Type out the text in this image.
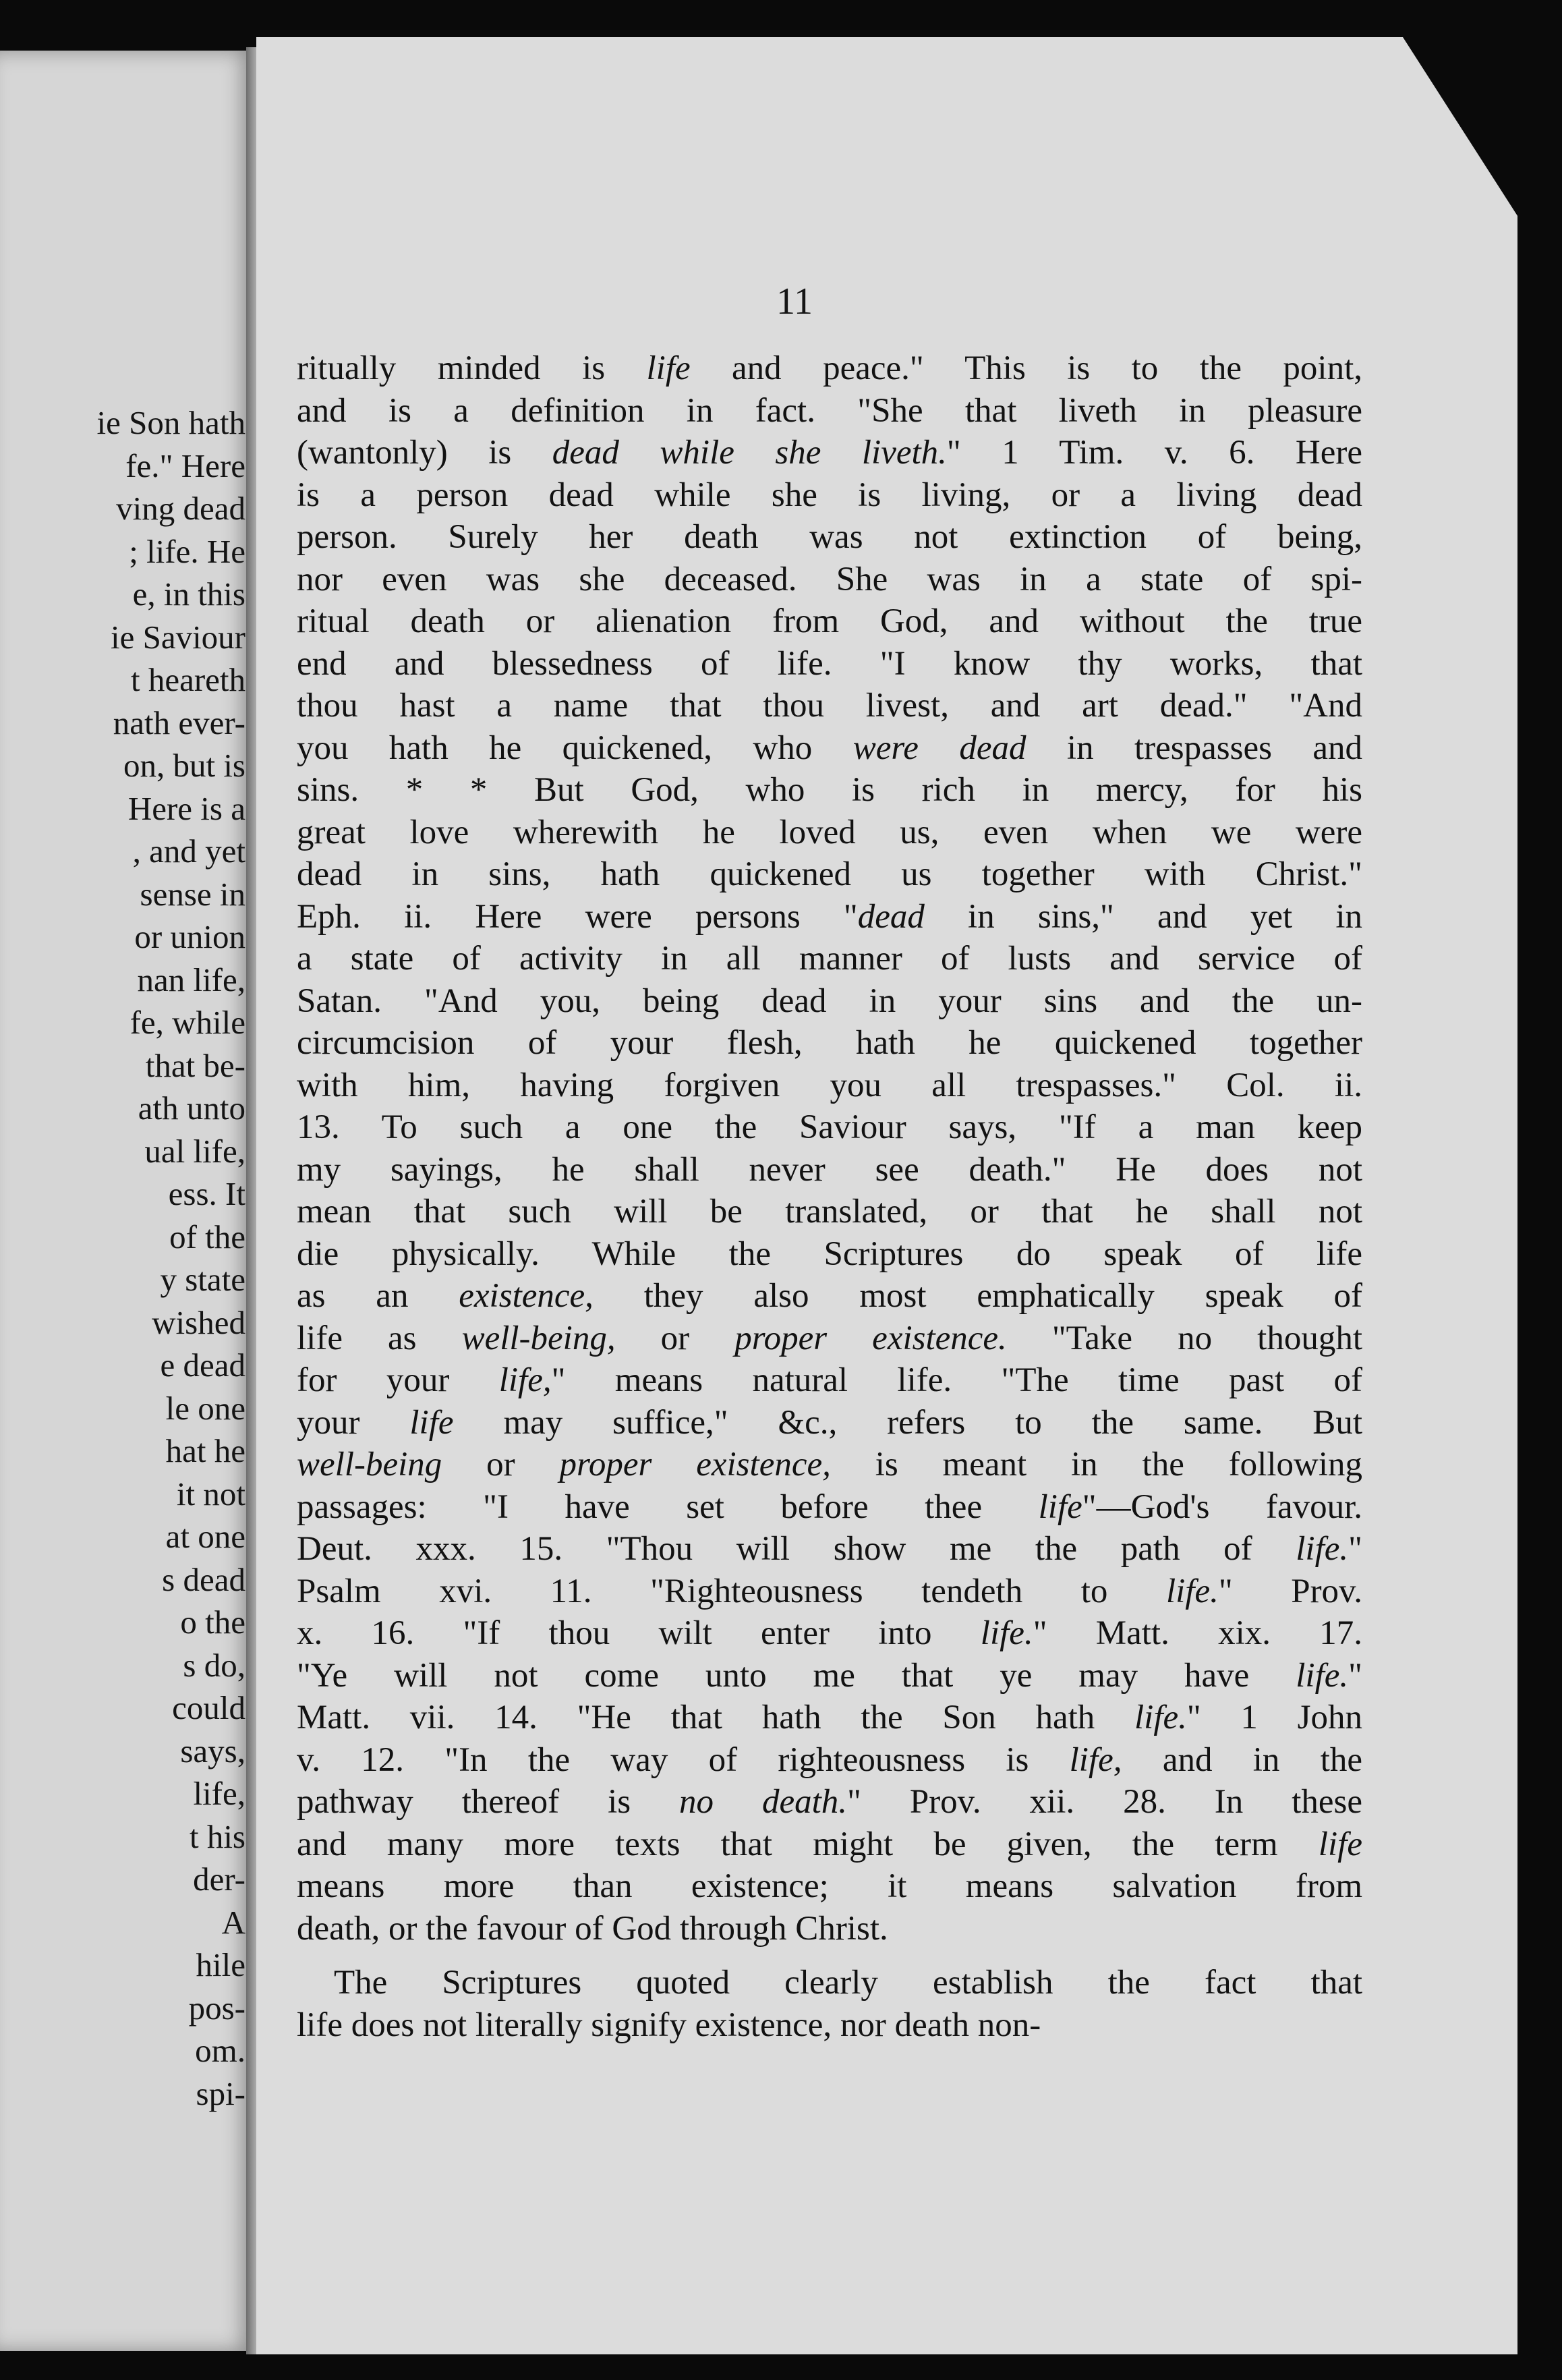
ie Son hath
fe." Here
ving dead
; life. He
e, in this
ie Saviour
t heareth
nath ever-
on, but is
Here is a
, and yet
sense in
or union
nan life,
fe, while
that be-
ath unto
ual life,
ess. It
of the
y state
wished
e dead
le one
hat he
it not
at one
s dead
o the
s do,
could
says,
life,
t his
der-
A
hile
pos-
om.
spi-
11
ritually minded is life and peace." This is to the point,
and is a definition in fact. "She that liveth in pleasure
(wantonly) is dead while she liveth." 1 Tim. v. 6. Here
is a person dead while she is living, or a living dead
person. Surely her death was not extinction of being,
nor even was she deceased. She was in a state of spi-
ritual death or alienation from God, and without the true
end and blessedness of life. "I know thy works, that
thou hast a name that thou livest, and art dead." "And
you hath he quickened, who were dead in trespasses and
sins. * * But God, who is rich in mercy, for his
great love wherewith he loved us, even when we were
dead in sins, hath quickened us together with Christ."
Eph. ii. Here were persons "dead in sins," and yet in
a state of activity in all manner of lusts and service of
Satan. "And you, being dead in your sins and the un-
circumcision of your flesh, hath he quickened together
with him, having forgiven you all trespasses." Col. ii.
13. To such a one the Saviour says, "If a man keep
my sayings, he shall never see death." He does not
mean that such will be translated, or that he shall not
die physically. While the Scriptures do speak of life
as an existence, they also most emphatically speak of
life as well-being, or proper existence. "Take no thought
for your life," means natural life. "The time past of
your life may suffice," &c., refers to the same. But
well-being or proper existence, is meant in the following
passages: "I have set before thee life"—God's favour.
Deut. xxx. 15. "Thou will show me the path of life."
Psalm xvi. 11. "Righteousness tendeth to life." Prov.
x. 16. "If thou wilt enter into life." Matt. xix. 17.
"Ye will not come unto me that ye may have life."
Matt. vii. 14. "He that hath the Son hath life." 1 John
v. 12. "In the way of righteousness is life, and in the
pathway thereof is no death." Prov. xii. 28. In these
and many more texts that might be given, the term life
means more than existence; it means salvation from
death, or the favour of God through Christ.
The Scriptures quoted clearly establish the fact that
life does not literally signify existence, nor death non-
